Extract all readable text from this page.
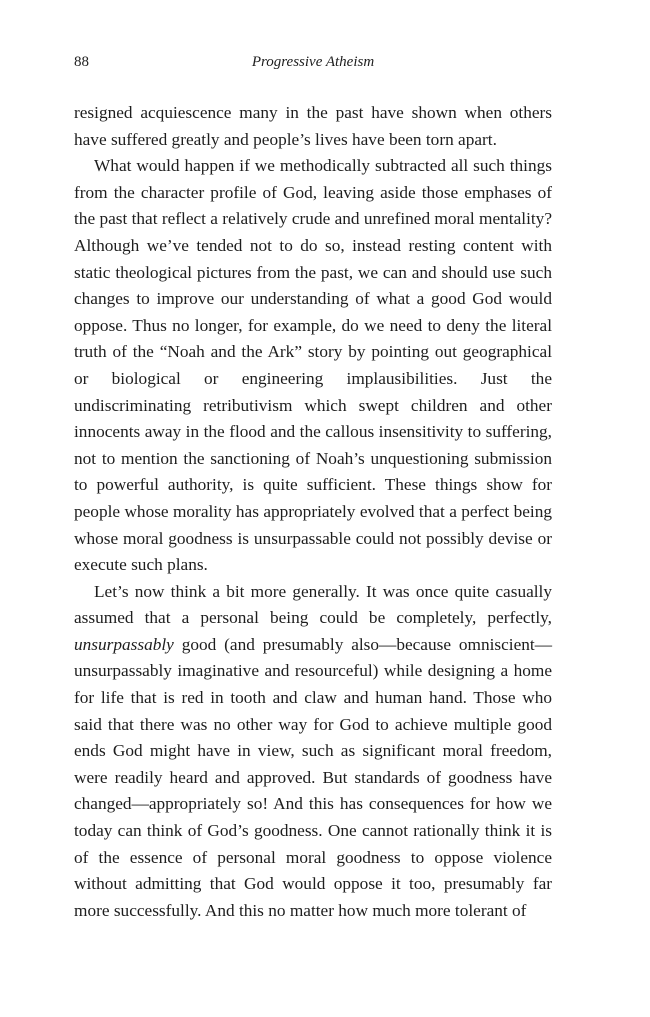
88	Progressive Atheism

resigned acquiescence many in the past have shown when others have suffered greatly and people’s lives have been torn apart.

What would happen if we methodically subtracted all such things from the character profile of God, leaving aside those emphases of the past that reflect a relatively crude and unrefined moral mentality? Although we’ve tended not to do so, instead resting content with static theological pictures from the past, we can and should use such changes to improve our understanding of what a good God would oppose. Thus no longer, for example, do we need to deny the literal truth of the “Noah and the Ark” story by pointing out geographical or biological or engineering implausibilities. Just the undiscriminating retributivism which swept children and other innocents away in the flood and the callous insensitivity to suffering, not to mention the sanctioning of Noah’s unquestioning submission to powerful authority, is quite sufficient. These things show for people whose morality has appropriately evolved that a perfect being whose moral goodness is unsurpassable could not possibly devise or execute such plans.

Let’s now think a bit more generally. It was once quite casually assumed that a personal being could be completely, perfectly, unsurpassably good (and presumably also—because omniscient—unsurpassably imaginative and resourceful) while designing a home for life that is red in tooth and claw and human hand. Those who said that there was no other way for God to achieve multiple good ends God might have in view, such as significant moral freedom, were readily heard and approved. But standards of goodness have changed—appropriately so! And this has consequences for how we today can think of God’s goodness. One cannot rationally think it is of the essence of personal moral goodness to oppose violence without admitting that God would oppose it too, presumably far more successfully. And this no matter how much more tolerant of
